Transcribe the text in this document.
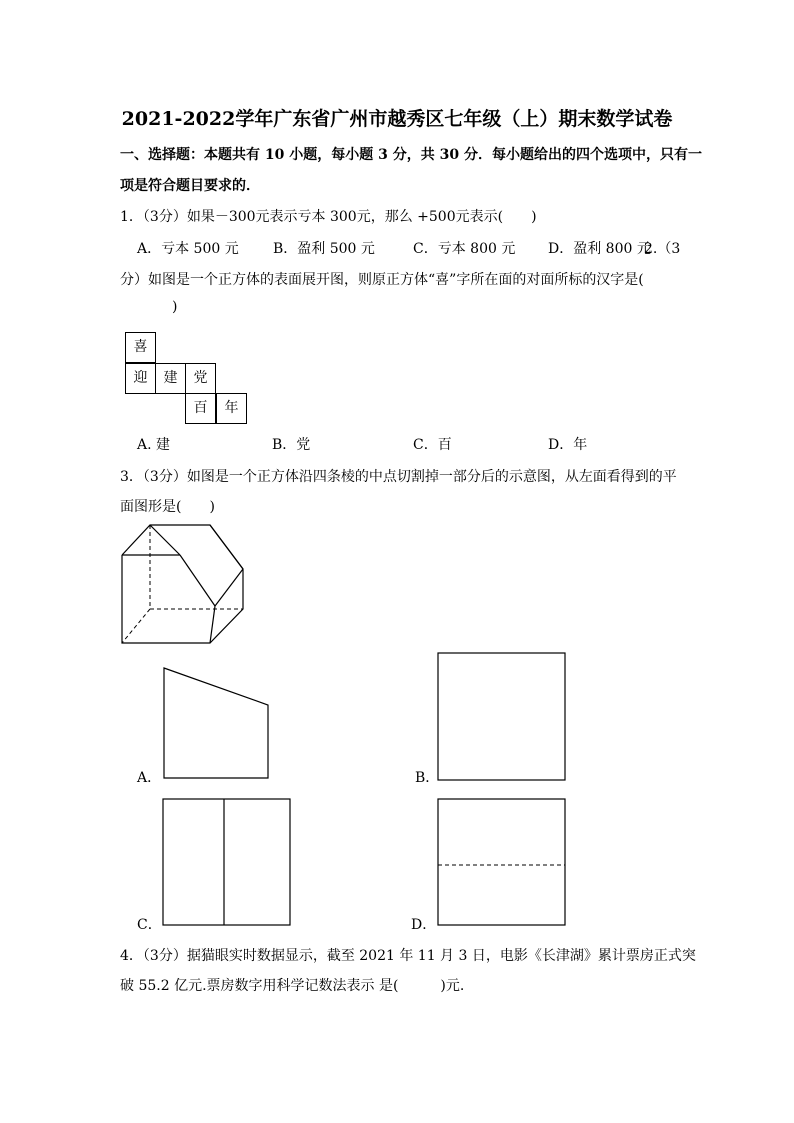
2021-2022学年广东省广州市越秀区七年级（上）期末数学试卷
一、选择题：本题共有 10 小题，每小题 3 分，共 30 分．每小题给出的四个选项中，只有一
项是符合题目要求的．
1．（3分）如果－300元表示亏本 300元，那么 +500元表示(　　)
A．亏本 500 元 B．盈利 500 元	C．亏本 800 元 D．盈利 800 元
2.（3
分）如图是一个正方体的表面展开图，则原正方体“喜”字所在面的对面所标的汉字是(
)
喜
迎	建	党
百	年
A. 建	B．党	C．百	D．年
3．（3分）如图是一个正方体沿四条棱的中点切割掉一部分后的示意图，从左面看得到的平
面图形是(　　)
A．	B．
C．	D．
4．（3分）据猫眼实时数据显示，截至 2021 年 11 月 3 日，电影《长津湖》累计票房正式突
破 55.2 亿元.票房数字用科学记数法表示 是(　　　)元.
